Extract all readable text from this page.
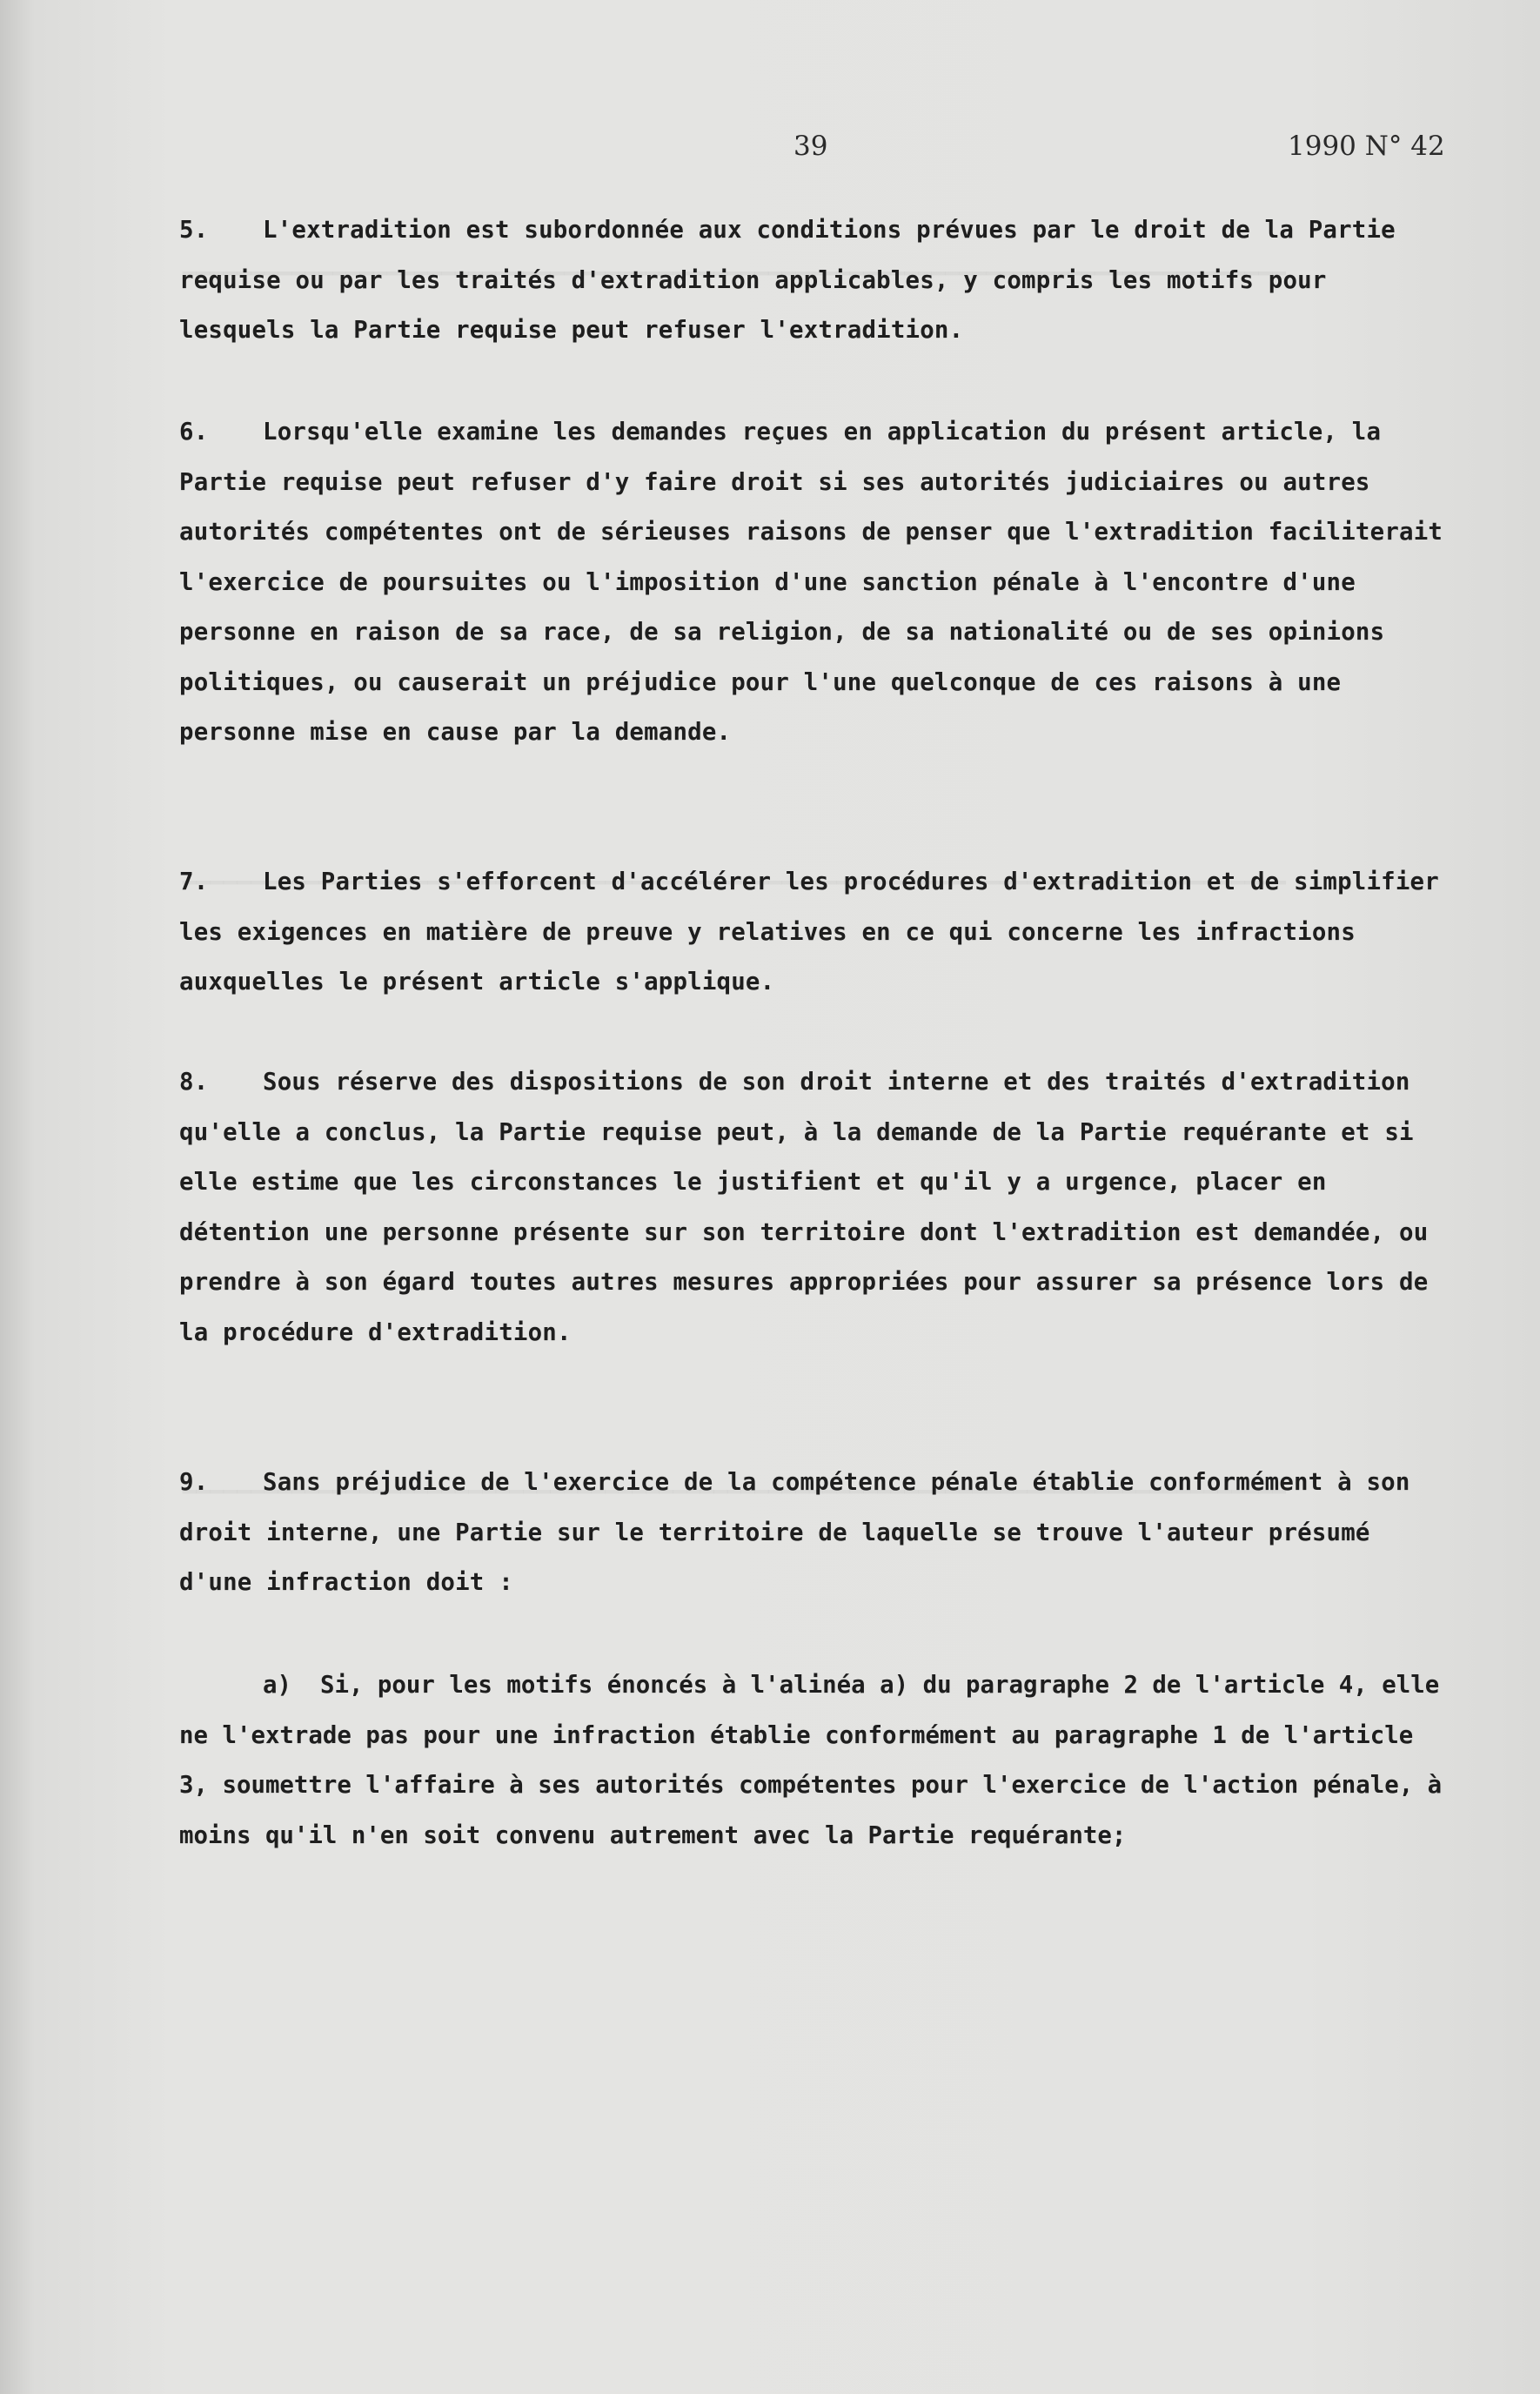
39	1990 N° 42

5. L'extradition est subordonnée aux conditions prévues par le droit de la Partie requise ou par les traités d'extradition applicables, y compris les motifs pour lesquels la Partie requise peut refuser l'extradition.

6. Lorsqu'elle examine les demandes reçues en application du présent article, la Partie requise peut refuser d'y faire droit si ses autorités judiciaires ou autres autorités compétentes ont de sérieuses raisons de penser que l'extradition faciliterait l'exercice de poursuites ou l'imposition d'une sanction pénale à l'encontre d'une personne en raison de sa race, de sa religion, de sa nationalité ou de ses opinions politiques, ou causerait un préjudice pour l'une quelconque de ces raisons à une personne mise en cause par la demande.

7. Les Parties s'efforcent d'accélérer les procédures d'extradition et de simplifier les exigences en matière de preuve y relatives en ce qui concerne les infractions auxquelles le présent article s'applique.

8. Sous réserve des dispositions de son droit interne et des traités d'extradition qu'elle a conclus, la Partie requise peut, à la demande de la Partie requérante et si elle estime que les circonstances le justifient et qu'il y a urgence, placer en détention une personne présente sur son territoire dont l'extradition est demandée, ou prendre à son égard toutes autres mesures appropriées pour assurer sa présence lors de la procédure d'extradition.

9. Sans préjudice de l'exercice de la compétence pénale établie conformément à son droit interne, une Partie sur le territoire de laquelle se trouve l'auteur présumé d'une infraction doit :

a) Si, pour les motifs énoncés à l'alinéa a) du paragraphe 2 de l'article 4, elle ne l'extrade pas pour une infraction établie conformément au paragraphe 1 de l'article 3, soumettre l'affaire à ses autorités compétentes pour l'exercice de l'action pénale, à moins qu'il n'en soit convenu autrement avec la Partie requérante;
